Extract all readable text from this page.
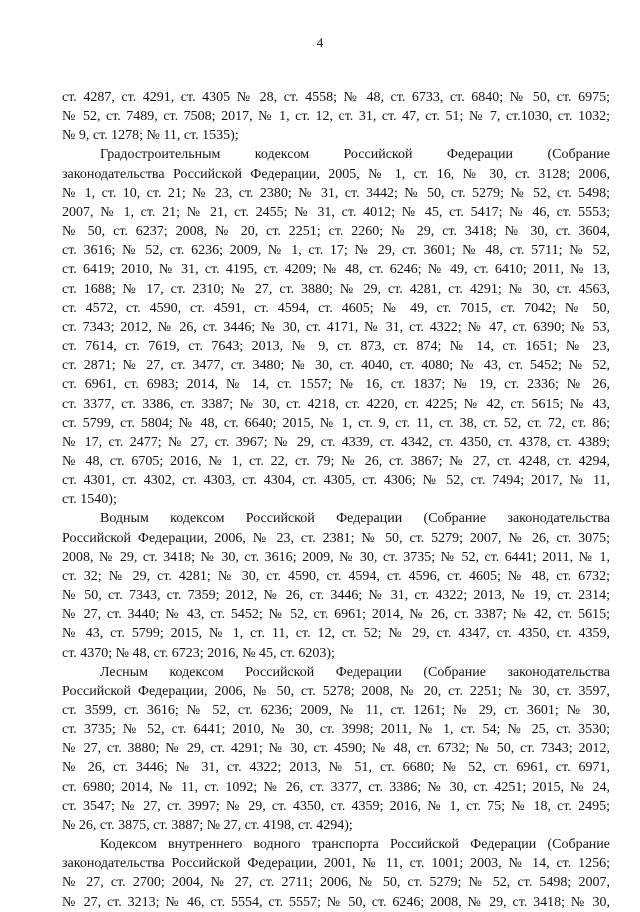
4
ст. 4287, ст. 4291, ст. 4305 № 28, ст. 4558; № 48, ст. 6733, ст. 6840; № 50, ст. 6975;
№ 52, ст. 7489, ст. 7508; 2017, № 1, ст. 12, ст. 31, ст. 47, ст. 51; № 7, ст.1030, ст. 1032;
№ 9, ст. 1278; № 11, ст. 1535);
Градостроительным кодексом Российской Федерации (Собрание
законодательства Российской Федерации, 2005, № 1, ст. 16, № 30, ст. 3128; 2006,
№ 1, ст. 10, ст. 21; № 23, ст. 2380; № 31, ст. 3442; № 50, ст. 5279; № 52, ст. 5498;
2007, № 1, ст. 21; № 21, ст. 2455; № 31, ст. 4012; № 45, ст. 5417; № 46, ст. 5553;
№ 50, ст. 6237; 2008, № 20, ст. 2251; ст. 2260; № 29, ст. 3418; № 30, ст. 3604,
ст. 3616; № 52, ст. 6236; 2009, № 1, ст. 17; № 29, ст. 3601; № 48, ст. 5711; № 52,
ст. 6419; 2010, № 31, ст. 4195, ст. 4209; № 48, ст. 6246; № 49, ст. 6410; 2011, № 13,
ст. 1688; № 17, ст. 2310; № 27, ст. 3880; № 29, ст. 4281, ст. 4291; № 30, ст. 4563,
ст. 4572, ст. 4590, ст. 4591, ст. 4594, ст. 4605; № 49, ст. 7015, ст. 7042; № 50,
ст. 7343; 2012, № 26, ст. 3446; № 30, ст. 4171, № 31, ст. 4322; № 47, ст. 6390; № 53,
ст. 7614, ст. 7619, ст. 7643; 2013, № 9, ст. 873, ст. 874; № 14, ст. 1651; № 23,
ст. 2871; № 27, ст. 3477, ст. 3480; № 30, ст. 4040, ст. 4080; № 43, ст. 5452; № 52,
ст. 6961, ст. 6983; 2014, № 14, ст. 1557; № 16, ст. 1837; № 19, ст. 2336; № 26,
ст. 3377, ст. 3386, ст. 3387; № 30, ст. 4218, ст. 4220, ст. 4225; № 42, ст. 5615; № 43,
ст. 5799, ст. 5804; № 48, ст. 6640; 2015, № 1, ст. 9, ст. 11, ст. 38, ст. 52, ст. 72, ст. 86;
№ 17, ст. 2477; № 27, ст. 3967; № 29, ст. 4339, ст. 4342, ст. 4350, ст. 4378, ст. 4389;
№ 48, ст. 6705; 2016, № 1, ст. 22, ст. 79; № 26, ст. 3867; № 27, ст. 4248, ст. 4294,
ст. 4301, ст. 4302, ст. 4303, ст. 4304, ст. 4305, ст. 4306; № 52, ст. 7494; 2017, № 11,
ст. 1540);
Водным кодексом Российской Федерации (Собрание законодательства
Российской Федерации, 2006, № 23, ст. 2381; № 50, ст. 5279; 2007, № 26, ст. 3075;
2008, № 29, ст. 3418; № 30, ст. 3616; 2009, № 30, ст. 3735; № 52, ст. 6441; 2011, № 1,
ст. 32; № 29, ст. 4281; № 30, ст. 4590, ст. 4594, ст. 4596, ст. 4605; № 48, ст. 6732;
№ 50, ст. 7343, ст. 7359; 2012, № 26, ст. 3446; № 31, ст. 4322; 2013, № 19, ст. 2314;
№ 27, ст. 3440; № 43, ст. 5452; № 52, ст. 6961; 2014, № 26, ст. 3387; № 42, ст. 5615;
№ 43, ст. 5799; 2015, № 1, ст. 11, ст. 12, ст. 52; № 29, ст. 4347, ст. 4350, ст. 4359,
ст. 4370; № 48, ст. 6723; 2016, № 45, ст. 6203);
Лесным кодексом Российской Федерации (Собрание законодательства
Российской Федерации, 2006, № 50, ст. 5278; 2008, № 20, ст. 2251; № 30, ст. 3597,
ст. 3599, ст. 3616; № 52, ст. 6236; 2009, № 11, ст. 1261; № 29, ст. 3601; № 30,
ст. 3735; № 52, ст. 6441; 2010, № 30, ст. 3998; 2011, № 1, ст. 54; № 25, ст. 3530;
№ 27, ст. 3880; № 29, ст. 4291; № 30, ст. 4590; № 48, ст. 6732; № 50, ст. 7343; 2012,
№ 26, ст. 3446; № 31, ст. 4322; 2013, № 51, ст. 6680; № 52, ст. 6961, ст. 6971,
ст. 6980; 2014, № 11, ст. 1092; № 26, ст. 3377, ст. 3386; № 30, ст. 4251; 2015, № 24,
ст. 3547; № 27, ст. 3997; № 29, ст. 4350, ст. 4359; 2016, № 1, ст. 75; № 18, ст. 2495;
№ 26, ст. 3875, ст. 3887; № 27, ст. 4198, ст. 4294);
Кодексом внутреннего водного транспорта Российской Федерации (Собрание
законодательства Российской Федерации, 2001, № 11, ст. 1001; 2003, № 14, ст. 1256;
№ 27, ст. 2700; 2004, № 27, ст. 2711; 2006, № 50, ст. 5279; № 52, ст. 5498; 2007,
№ 27, ст. 3213; № 46, ст. 5554, ст. 5557; № 50, ст. 6246; 2008, № 29, ст. 3418; № 30,
